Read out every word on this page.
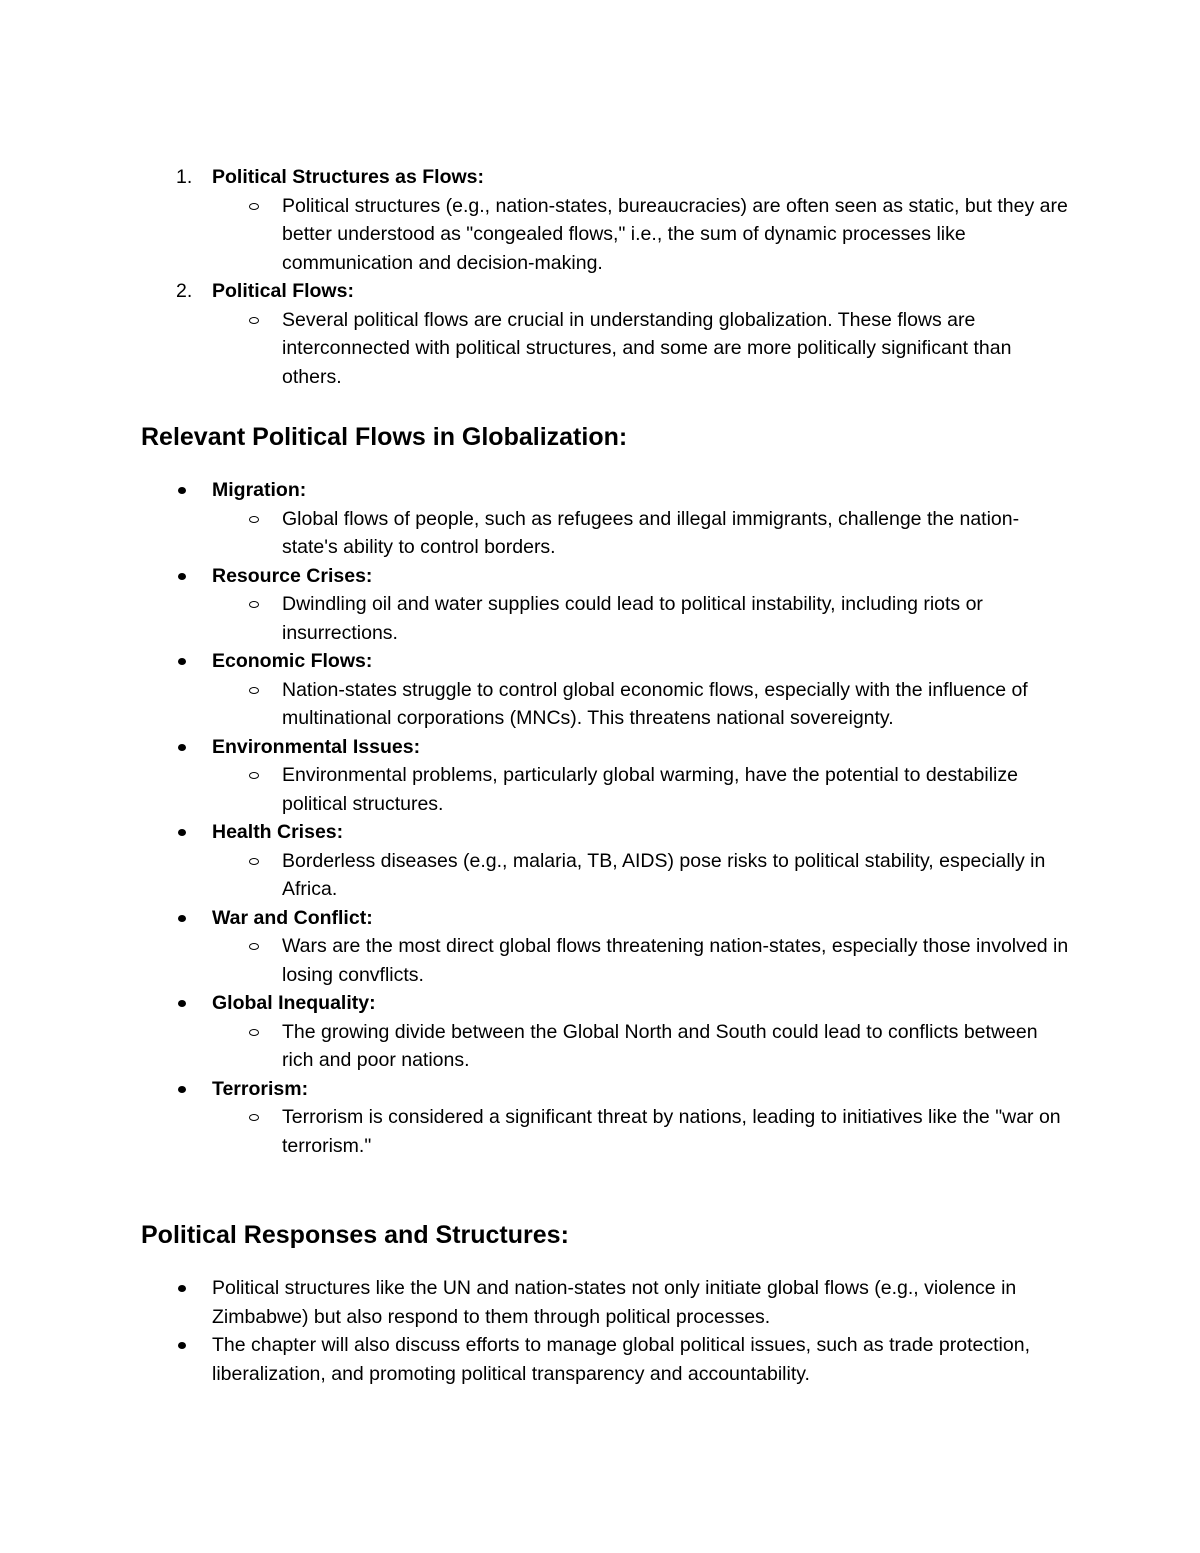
1. Political Structures as Flows:
Political structures (e.g., nation-states, bureaucracies) are often seen as static, but they are better understood as "congealed flows," i.e., the sum of dynamic processes like communication and decision-making.
2. Political Flows:
Several political flows are crucial in understanding globalization. These flows are interconnected with political structures, and some are more politically significant than others.
Relevant Political Flows in Globalization:
Migration:
Global flows of people, such as refugees and illegal immigrants, challenge the nation-state's ability to control borders.
Resource Crises:
Dwindling oil and water supplies could lead to political instability, including riots or insurrections.
Economic Flows:
Nation-states struggle to control global economic flows, especially with the influence of multinational corporations (MNCs). This threatens national sovereignty.
Environmental Issues:
Environmental problems, particularly global warming, have the potential to destabilize political structures.
Health Crises:
Borderless diseases (e.g., malaria, TB, AIDS) pose risks to political stability, especially in Africa.
War and Conflict:
Wars are the most direct global flows threatening nation-states, especially those involved in losing convflicts.
Global Inequality:
The growing divide between the Global North and South could lead to conflicts between rich and poor nations.
Terrorism:
Terrorism is considered a significant threat by nations, leading to initiatives like the "war on terrorism."
Political Responses and Structures:
Political structures like the UN and nation-states not only initiate global flows (e.g., violence in Zimbabwe) but also respond to them through political processes.
The chapter will also discuss efforts to manage global political issues, such as trade protection, liberalization, and promoting political transparency and accountability.
